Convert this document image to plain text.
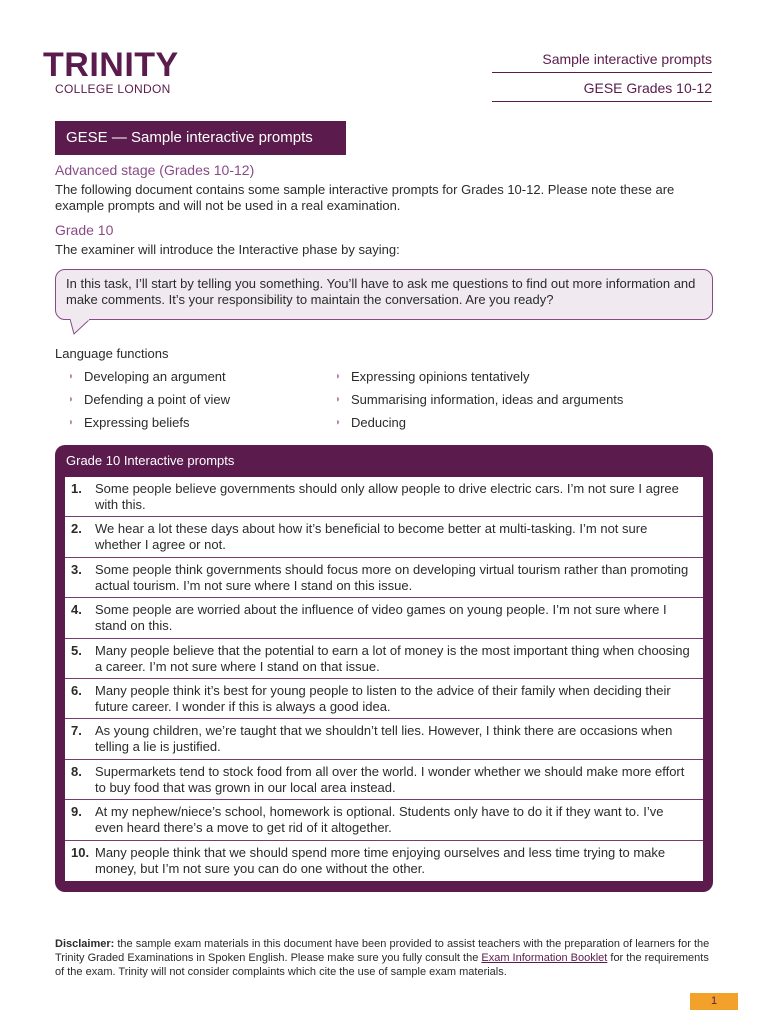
TRINITY
COLLEGE LONDON
Sample interactive prompts
GESE Grades 10-12
GESE — Sample interactive prompts
Advanced stage (Grades 10-12)
The following document contains some sample interactive prompts for Grades 10-12. Please note these are example prompts and will not be used in a real examination.
Grade 10
The examiner will introduce the Interactive phase by saying:
In this task, I’ll start by telling you something. You’ll have to ask me questions to find out more information and make comments. It’s your responsibility to maintain the conversation. Are you ready?
Language functions
◗ Developing an argument
◗ Defending a point of view
◗ Expressing beliefs
◗ Expressing opinions tentatively
◗ Summarising information, ideas and arguments
◗ Deducing
Grade 10 Interactive prompts
1.	Some people believe governments should only allow people to drive electric cars. I’m not sure I agree with this.
2.	We hear a lot these days about how it’s beneficial to become better at multi-tasking. I’m not sure whether I agree or not.
3.	Some people think governments should focus more on developing virtual tourism rather than promoting actual tourism. I’m not sure where I stand on this issue.
4.	Some people are worried about the influence of video games on young people. I’m not sure where I stand on this.
5.	Many people believe that the potential to earn a lot of money is the most important thing when choosing a career. I’m not sure where I stand on that issue.
6.	Many people think it’s best for young people to listen to the advice of their family when deciding their future career. I wonder if this is always a good idea.
7.	As young children, we’re taught that we shouldn’t tell lies. However, I think there are occasions when telling a lie is justified.
8.	Supermarkets tend to stock food from all over the world. I wonder whether we should make more effort to buy food that was grown in our local area instead.
9.	At my nephew/niece’s school, homework is optional. Students only have to do it if they want to. I’ve even heard there’s a move to get rid of it altogether.
10. Many people think that we should spend more time enjoying ourselves and less time trying to make money, but I’m not sure you can do one without the other.
Disclaimer: the sample exam materials in this document have been provided to assist teachers with the preparation of learners for the Trinity Graded Examinations in Spoken English. Please make sure you fully consult the Exam Information Booklet for the requirements of the exam. Trinity will not consider complaints which cite the use of sample exam materials.
1
